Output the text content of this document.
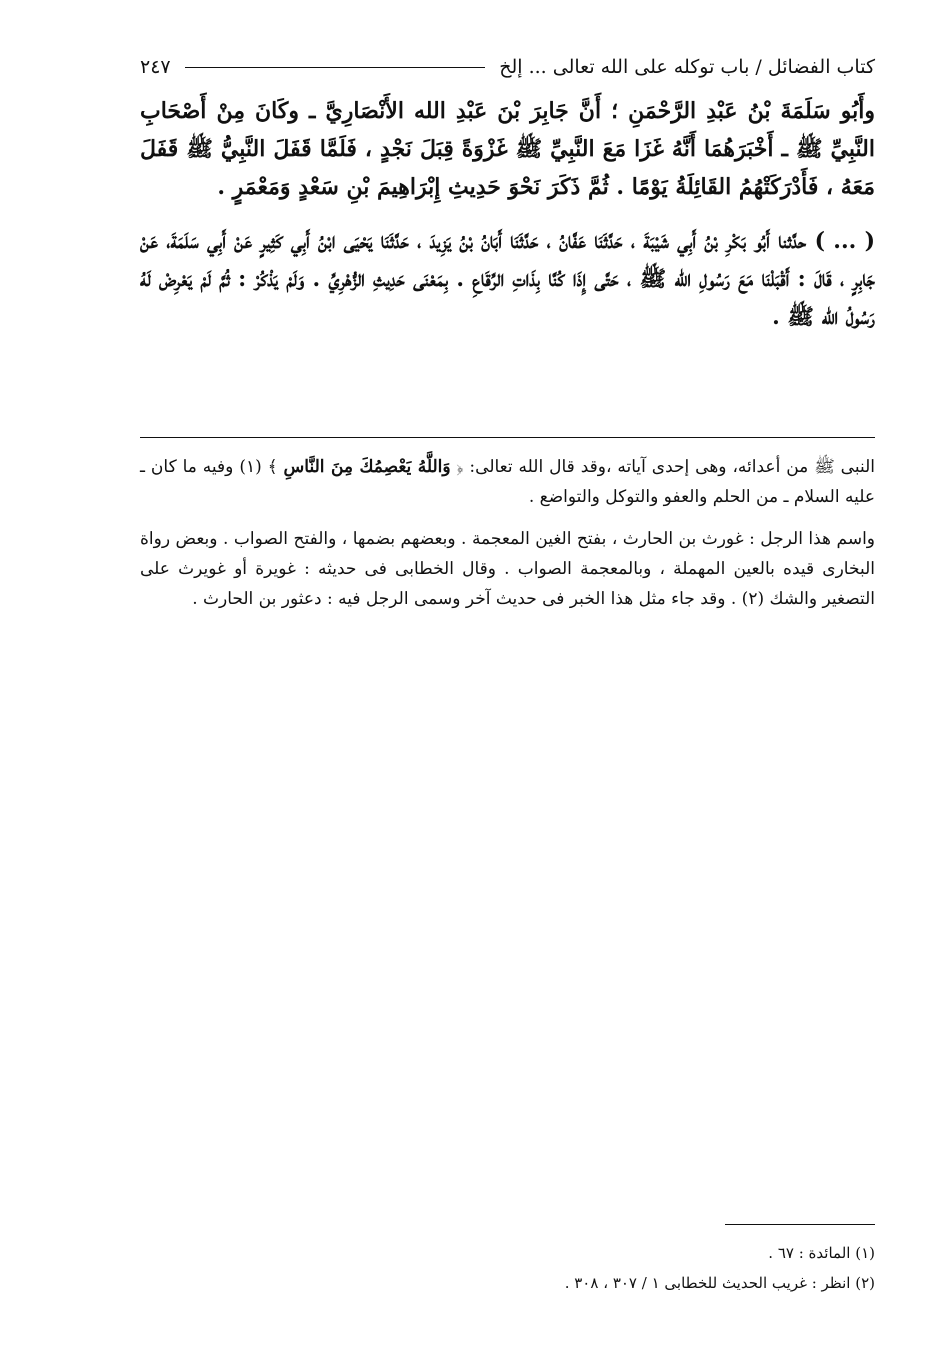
كتاب الفضائل / باب توكله على الله تعالى ... إلخ
٢٤٧

وأَبُو سَلَمَةَ بْنُ عَبْدِ الرَّحْمَنِ ؛ أَنَّ جَابِرَ بْنَ عَبْدِ الله الأَنْصَارِيَّ ـ وكَانَ مِنْ أَصْحَابِ النَّبِيِّ ﷺ ـ أَخْبَرَهُمَا أَنَّهُ غَزَا مَعَ النَّبِيِّ ﷺ غَزْوَةً قِبَلَ نَجْدٍ ، فَلَمَّا قَفَلَ النَّبِيُّ ﷺ قَفَلَ مَعَهُ ، فَأَدْرَكَتْهُمُ القَائِلَةُ يَوْمًا . ثُمَّ ذَكَرَ نَحْوَ حَدِيثِ إِبْرَاهِيمَ بْنِ سَعْدٍ وَمَعْمَرٍ .

( ... ) حدَّثنا أَبُو بَكْرِ بْنُ أَبِي شَيْبَةَ ، حَدَّثَنَا عَفَّانُ ، حَدَّثَنَا أَبَانُ بْنُ يَزِيدَ ، حَدَّثَنَا يَحْيَى ابْنُ أَبِي كَثِيرٍ عَنْ أَبِي سَلَمَةَ، عَنْ جَابِرٍ ، قَالَ : أَقْبَلْنَا مَعَ رَسُولِ الله ﷺ ، حَتَّى إِذَا كُنَّا بِذَاتِ الرِّقَاعِ . بِمَعْنَى حَدِيثِ الزُّهْرِيِّ . وَلَمْ يَذْكُرْ : ثُمَّ لَمْ يَعْرِضْ لَهُ رَسُولُ الله ﷺ .

النبى ﷺ من أعدائه، وهى إحدى آياته ،وقد قال الله تعالى: ﴿ وَاللَّهُ يَعْصِمُكَ مِنَ النَّاسِ ﴾ (١) وفيه ما كان ـ عليه السلام ـ من الحلم والعفو والتوكل والتواضع .

واسم هذا الرجل : غورث بن الحارث ، بفتح الغين المعجمة . وبعضهم بضمها ، والفتح الصواب . وبعض رواة البخارى قيده بالعين المهملة ، وبالمعجمة الصواب . وقال الخطابى فى حديثه : غويرة أو غويرث على التصغير والشك (٢) . وقد جاء مثل هذا الخبر فى حديث آخر وسمى الرجل فيه : دعثور بن الحارث .

(١) المائدة : ٦٧ .
(٢) انظر : غريب الحديث للخطابى ١ / ٣٠٧ ، ٣٠٨ .
